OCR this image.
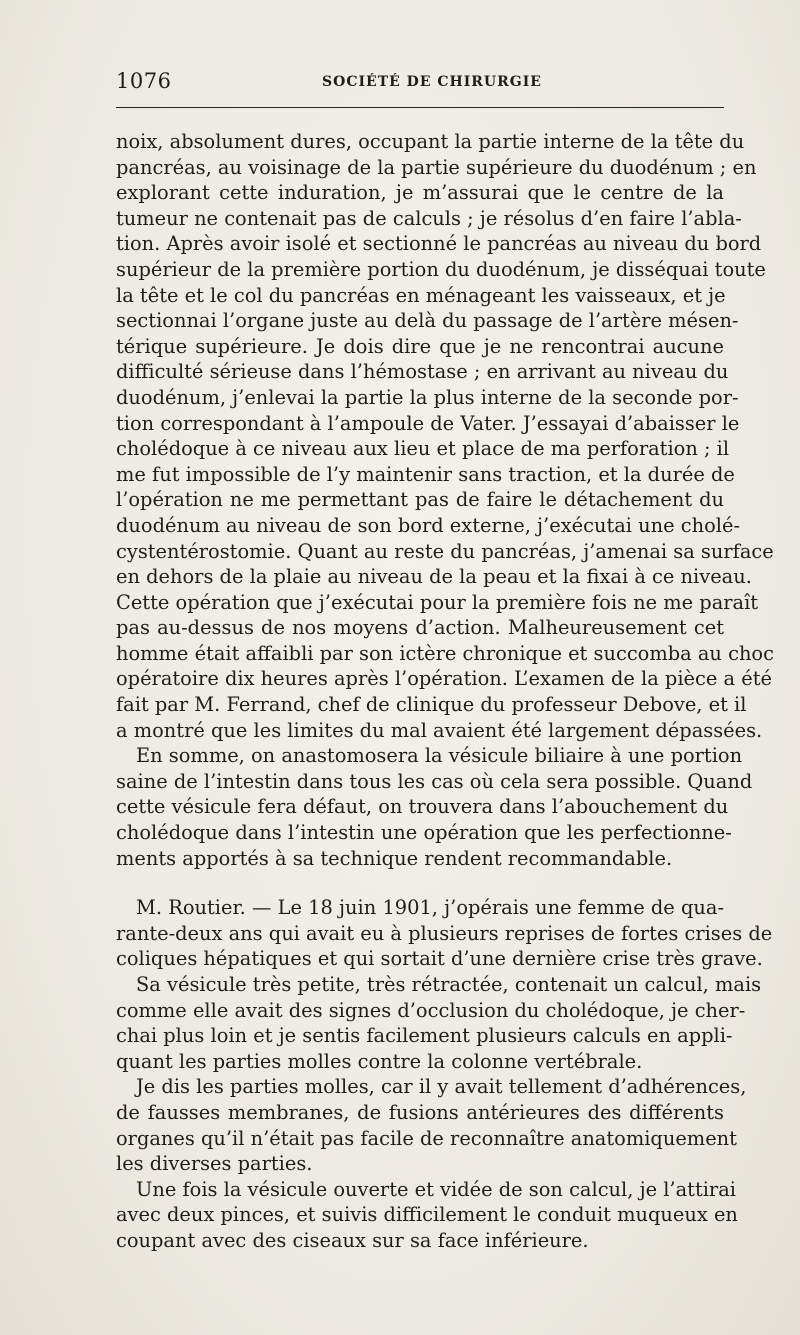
1076	SOCIÉTÉ DE CHIRURGIE
noix, absolument dures, occupant la partie interne de la tête du
pancréas, au voisinage de la partie supérieure du duodénum ; en
explorant cette induration, je m’assurai que le centre de la
tumeur ne contenait pas de calculs ; je résolus d’en faire l’abla-
tion. Après avoir isolé et sectionné le pancréas au niveau du bord
supérieur de la première portion du duodénum, je disséquai toute
la tête et le col du pancréas en ménageant les vaisseaux, et je
sectionnai l’organe juste au delà du passage de l’artère mésen-
térique supérieure. Je dois dire que je ne rencontrai aucune
difficulté sérieuse dans l’hémostase ; en arrivant au niveau du
duodénum, j’enlevai la partie la plus interne de la seconde por-
tion correspondant à l’ampoule de Vater. J’essayai d’abaisser le
cholédoque à ce niveau aux lieu et place de ma perforation ; il
me fut impossible de l’y maintenir sans traction, et la durée de
l’opération ne me permettant pas de faire le détachement du
duodénum au niveau de son bord externe, j’exécutai une cholé-
cystentérostomie. Quant au reste du pancréas, j’amenai sa surface
en dehors de la plaie au niveau de la peau et la fixai à ce niveau.
Cette opération que j’exécutai pour la première fois ne me paraît
pas au-dessus de nos moyens d’action. Malheureusement cet
homme était affaibli par son ictère chronique et succomba au choc
opératoire dix heures après l’opération. L’examen de la pièce a été
fait par M. Ferrand, chef de clinique du professeur Debove, et il
a montré que les limites du mal avaient été largement dépassées.
En somme, on anastomosera la vésicule biliaire à une portion
saine de l’intestin dans tous les cas où cela sera possible. Quand
cette vésicule fera défaut, on trouvera dans l’abouchement du
cholédoque dans l’intestin une opération que les perfectionne-
ments apportés à sa technique rendent recommandable.
M. Routier. — Le 18 juin 1901, j’opérais une femme de qua-
rante-deux ans qui avait eu à plusieurs reprises de fortes crises de
coliques hépatiques et qui sortait d’une dernière crise très grave.
Sa vésicule très petite, très rétractée, contenait un calcul, mais
comme elle avait des signes d’occlusion du cholédoque, je cher-
chai plus loin et je sentis facilement plusieurs calculs en appli-
quant les parties molles contre la colonne vertébrale.
Je dis les parties molles, car il y avait tellement d’adhérences,
de fausses membranes, de fusions antérieures des différents
organes qu’il n’était pas facile de reconnaître anatomiquement
les diverses parties.
Une fois la vésicule ouverte et vidée de son calcul, je l’attirai
avec deux pinces, et suivis difficilement le conduit muqueux en
coupant avec des ciseaux sur sa face inférieure.
